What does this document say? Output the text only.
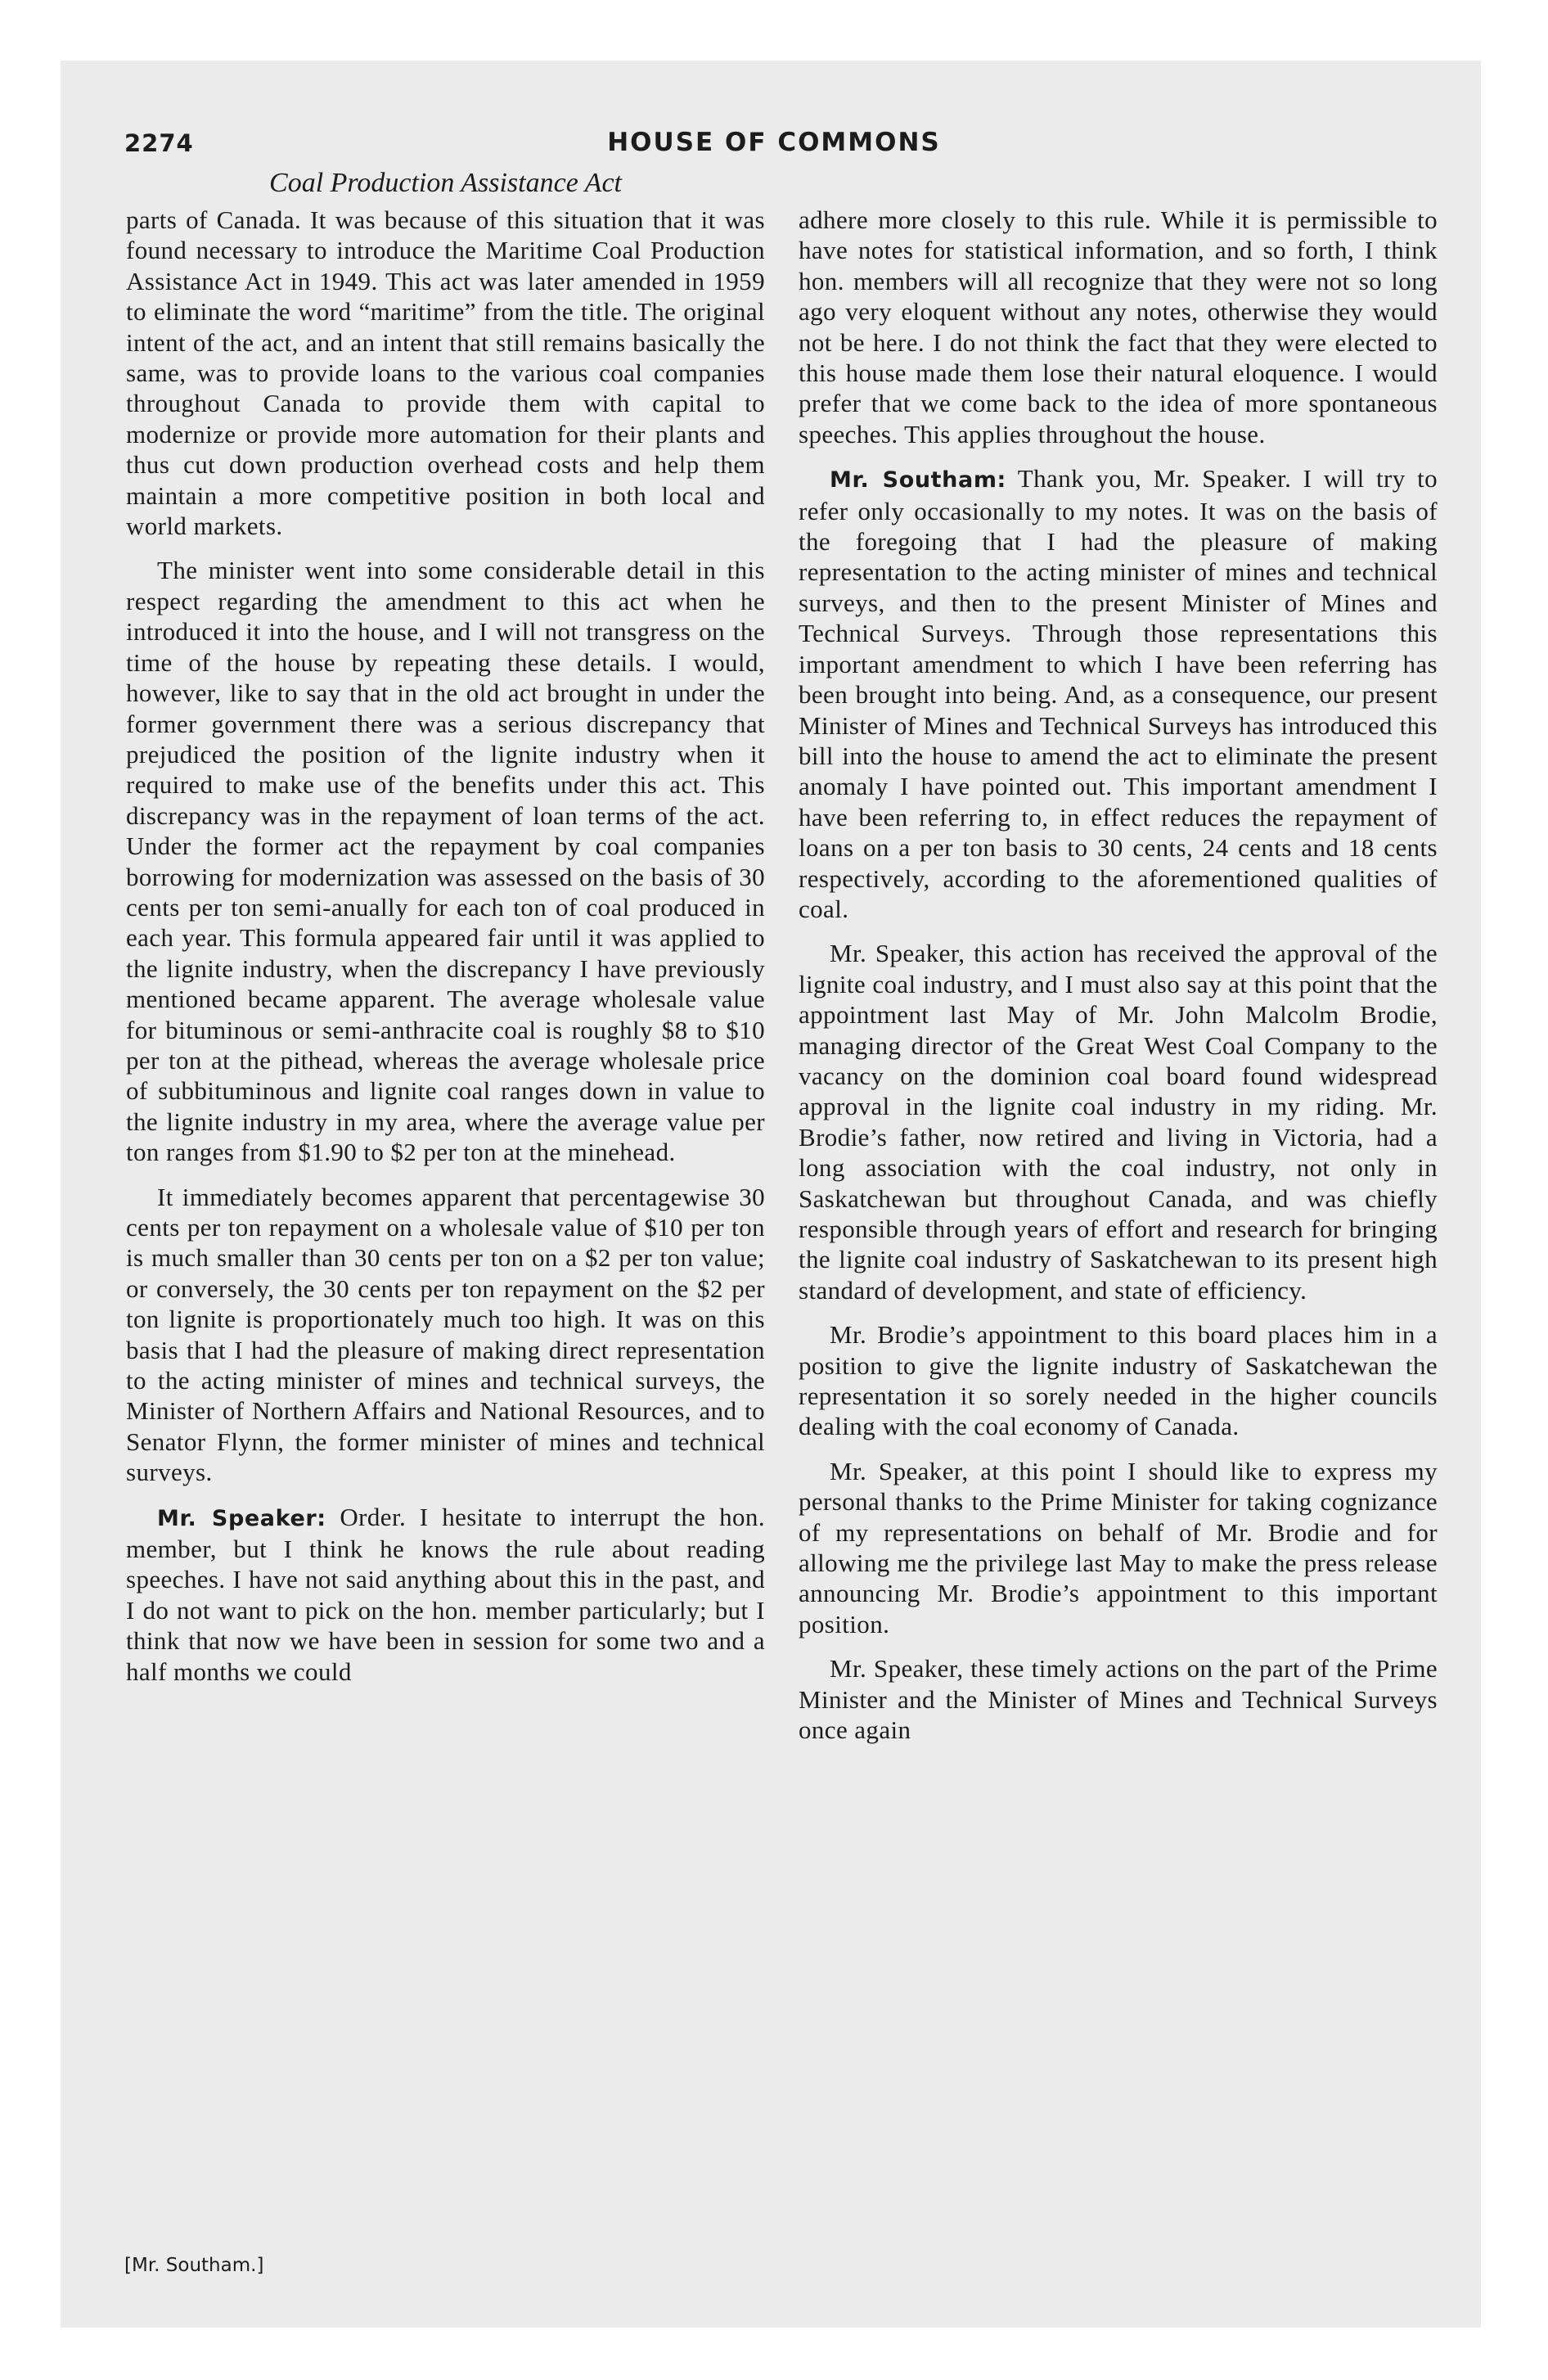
2274	HOUSE OF COMMONS
Coal Production Assistance Act

parts of Canada. It was because of this situation that it was found necessary to introduce the Maritime Coal Production Assistance Act in 1949. This act was later amended in 1959 to eliminate the word “maritime” from the title. The original intent of the act, and an intent that still remains basically the same, was to provide loans to the various coal companies throughout Canada to provide them with capital to modernize or provide more automation for their plants and thus cut down production overhead costs and help them maintain a more competitive position in both local and world markets.

The minister went into some considerable detail in this respect regarding the amendment to this act when he introduced it into the house, and I will not transgress on the time of the house by repeating these details. I would, however, like to say that in the old act brought in under the former government there was a serious discrepancy that prejudiced the position of the lignite industry when it required to make use of the benefits under this act. This discrepancy was in the repayment of loan terms of the act. Under the former act the repayment by coal companies borrowing for modernization was assessed on the basis of 30 cents per ton semi-anually for each ton of coal produced in each year. This formula appeared fair until it was applied to the lignite industry, when the discrepancy I have previously mentioned became apparent. The average wholesale value for bituminous or semi-anthracite coal is roughly $8 to $10 per ton at the pithead, whereas the average wholesale price of subbituminous and lignite coal ranges down in value to the lignite industry in my area, where the average value per ton ranges from $1.90 to $2 per ton at the minehead.

It immediately becomes apparent that percentagewise 30 cents per ton repayment on a wholesale value of $10 per ton is much smaller than 30 cents per ton on a $2 per ton value; or conversely, the 30 cents per ton repayment on the $2 per ton lignite is proportionately much too high. It was on this basis that I had the pleasure of making direct representation to the acting minister of mines and technical surveys, the Minister of Northern Affairs and National Resources, and to Senator Flynn, the former minister of mines and technical surveys.

Mr. Speaker: Order. I hesitate to interrupt the hon. member, but I think he knows the rule about reading speeches. I have not said anything about this in the past, and I do not want to pick on the hon. member particularly; but I think that now we have been in session for some two and a half months we could

adhere more closely to this rule. While it is permissible to have notes for statistical information, and so forth, I think hon. members will all recognize that they were not so long ago very eloquent without any notes, otherwise they would not be here. I do not think the fact that they were elected to this house made them lose their natural eloquence. I would prefer that we come back to the idea of more spontaneous speeches. This applies throughout the house.

Mr. Southam: Thank you, Mr. Speaker. I will try to refer only occasionally to my notes. It was on the basis of the foregoing that I had the pleasure of making representation to the acting minister of mines and technical surveys, and then to the present Minister of Mines and Technical Surveys. Through those representations this important amendment to which I have been referring has been brought into being. And, as a consequence, our present Minister of Mines and Technical Surveys has introduced this bill into the house to amend the act to eliminate the present anomaly I have pointed out. This important amendment I have been referring to, in effect reduces the repayment of loans on a per ton basis to 30 cents, 24 cents and 18 cents respectively, according to the aforementioned qualities of coal.

Mr. Speaker, this action has received the approval of the lignite coal industry, and I must also say at this point that the appointment last May of Mr. John Malcolm Brodie, managing director of the Great West Coal Company to the vacancy on the dominion coal board found widespread approval in the lignite coal industry in my riding. Mr. Brodie’s father, now retired and living in Victoria, had a long association with the coal industry, not only in Saskatchewan but throughout Canada, and was chiefly responsible through years of effort and research for bringing the lignite coal industry of Saskatchewan to its present high standard of development, and state of efficiency.

Mr. Brodie’s appointment to this board places him in a position to give the lignite industry of Saskatchewan the representation it so sorely needed in the higher councils dealing with the coal economy of Canada.

Mr. Speaker, at this point I should like to express my personal thanks to the Prime Minister for taking cognizance of my representations on behalf of Mr. Brodie and for allowing me the privilege last May to make the press release announcing Mr. Brodie’s appointment to this important position.

Mr. Speaker, these timely actions on the part of the Prime Minister and the Minister of Mines and Technical Surveys once again

[Mr. Southam.]
